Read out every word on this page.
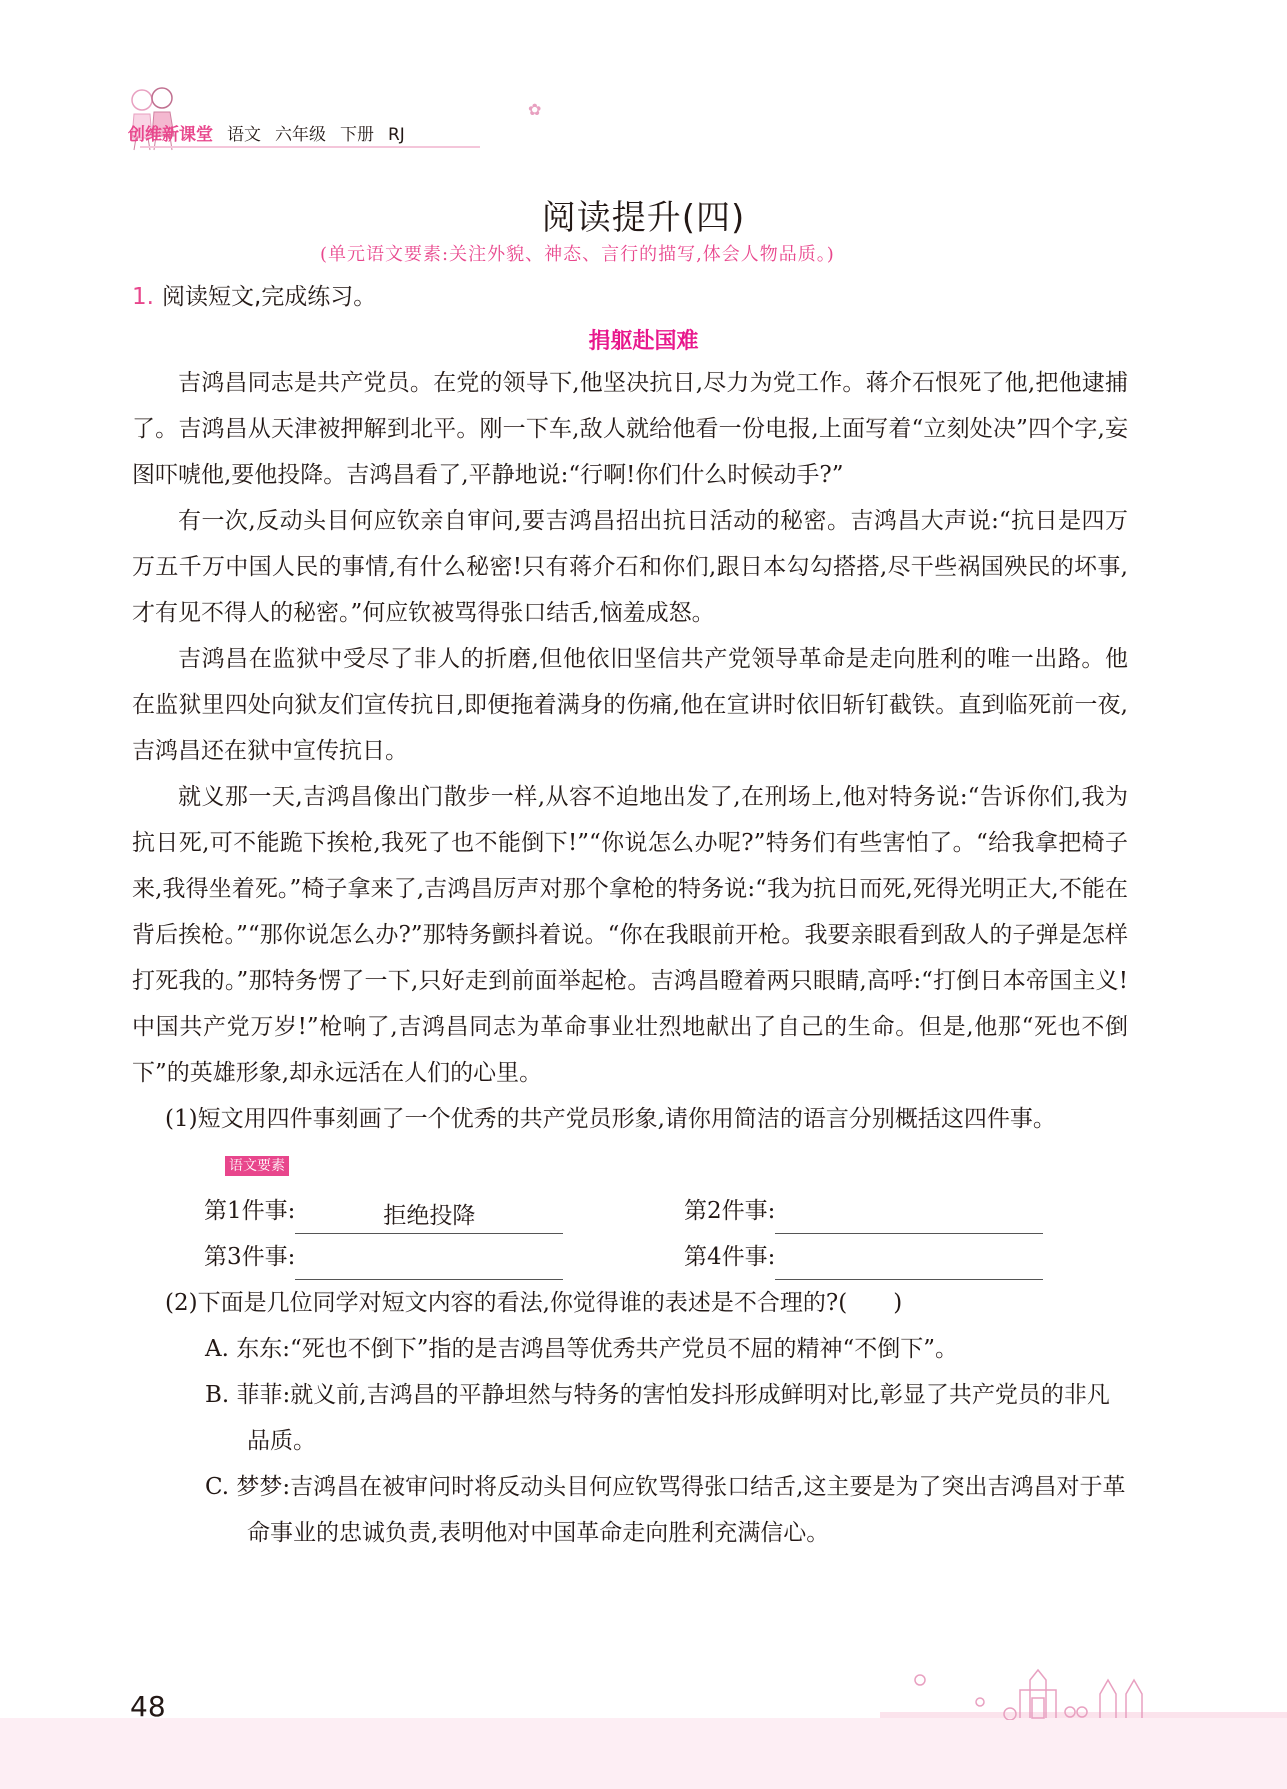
创维新课堂 语文 六年级 下册 RJ
✿
阅读提升(四)
(单元语文要素:关注外貌、神态、言行的描写,体会人物品质。)
1. 阅读短文,完成练习。
捐躯赴国难

吉鸿昌同志是共产党员。在党的领导下,他坚决抗日,尽力为党工作。蒋介石恨死了他,把他逮捕了。吉鸿昌从天津被押解到北平。刚一下车,敌人就给他看一份电报,上面写着“立刻处决”四个字,妄图吓唬他,要他投降。吉鸿昌看了,平静地说:“行啊!你们什么时候动手?”

有一次,反动头目何应钦亲自审问,要吉鸿昌招出抗日活动的秘密。吉鸿昌大声说:“抗日是四万万五千万中国人民的事情,有什么秘密!只有蒋介石和你们,跟日本勾勾搭搭,尽干些祸国殃民的坏事,才有见不得人的秘密。”何应钦被骂得张口结舌,恼羞成怒。

吉鸿昌在监狱中受尽了非人的折磨,但他依旧坚信共产党领导革命是走向胜利的唯一出路。他在监狱里四处向狱友们宣传抗日,即便拖着满身的伤痛,他在宣讲时依旧斩钉截铁。直到临死前一夜,吉鸿昌还在狱中宣传抗日。

就义那一天,吉鸿昌像出门散步一样,从容不迫地出发了,在刑场上,他对特务说:“告诉你们,我为抗日死,可不能跪下挨枪,我死了也不能倒下!”“你说怎么办呢?”特务们有些害怕了。“给我拿把椅子来,我得坐着死。”椅子拿来了,吉鸿昌厉声对那个拿枪的特务说:“我为抗日而死,死得光明正大,不能在背后挨枪。”“那你说怎么办?”那特务颤抖着说。“你在我眼前开枪。我要亲眼看到敌人的子弹是怎样打死我的。”那特务愣了一下,只好走到前面举起枪。吉鸿昌瞪着两只眼睛,高呼:“打倒日本帝国主义!中国共产党万岁!”枪响了,吉鸿昌同志为革命事业壮烈地献出了自己的生命。但是,他那“死也不倒下”的英雄形象,却永远活在人们的心里。

(1)短文用四件事刻画了一个优秀的共产党员形象,请你用简洁的语言分别概括这四件事。语文要素
第1件事:	拒绝投降	第2件事:
第3件事:	第4件事:
(2)下面是几位同学对短文内容的看法,你觉得谁的表述是不合理的?(　　)
A. 东东:“死也不倒下”指的是吉鸿昌等优秀共产党员不屈的精神“不倒下”。
B. 菲菲:就义前,吉鸿昌的平静坦然与特务的害怕发抖形成鲜明对比,彰显了共产党员的非凡品质。
C. 梦梦:吉鸿昌在被审问时将反动头目何应钦骂得张口结舌,这主要是为了突出吉鸿昌对于革命事业的忠诚负责,表明他对中国革命走向胜利充满信心。
48
